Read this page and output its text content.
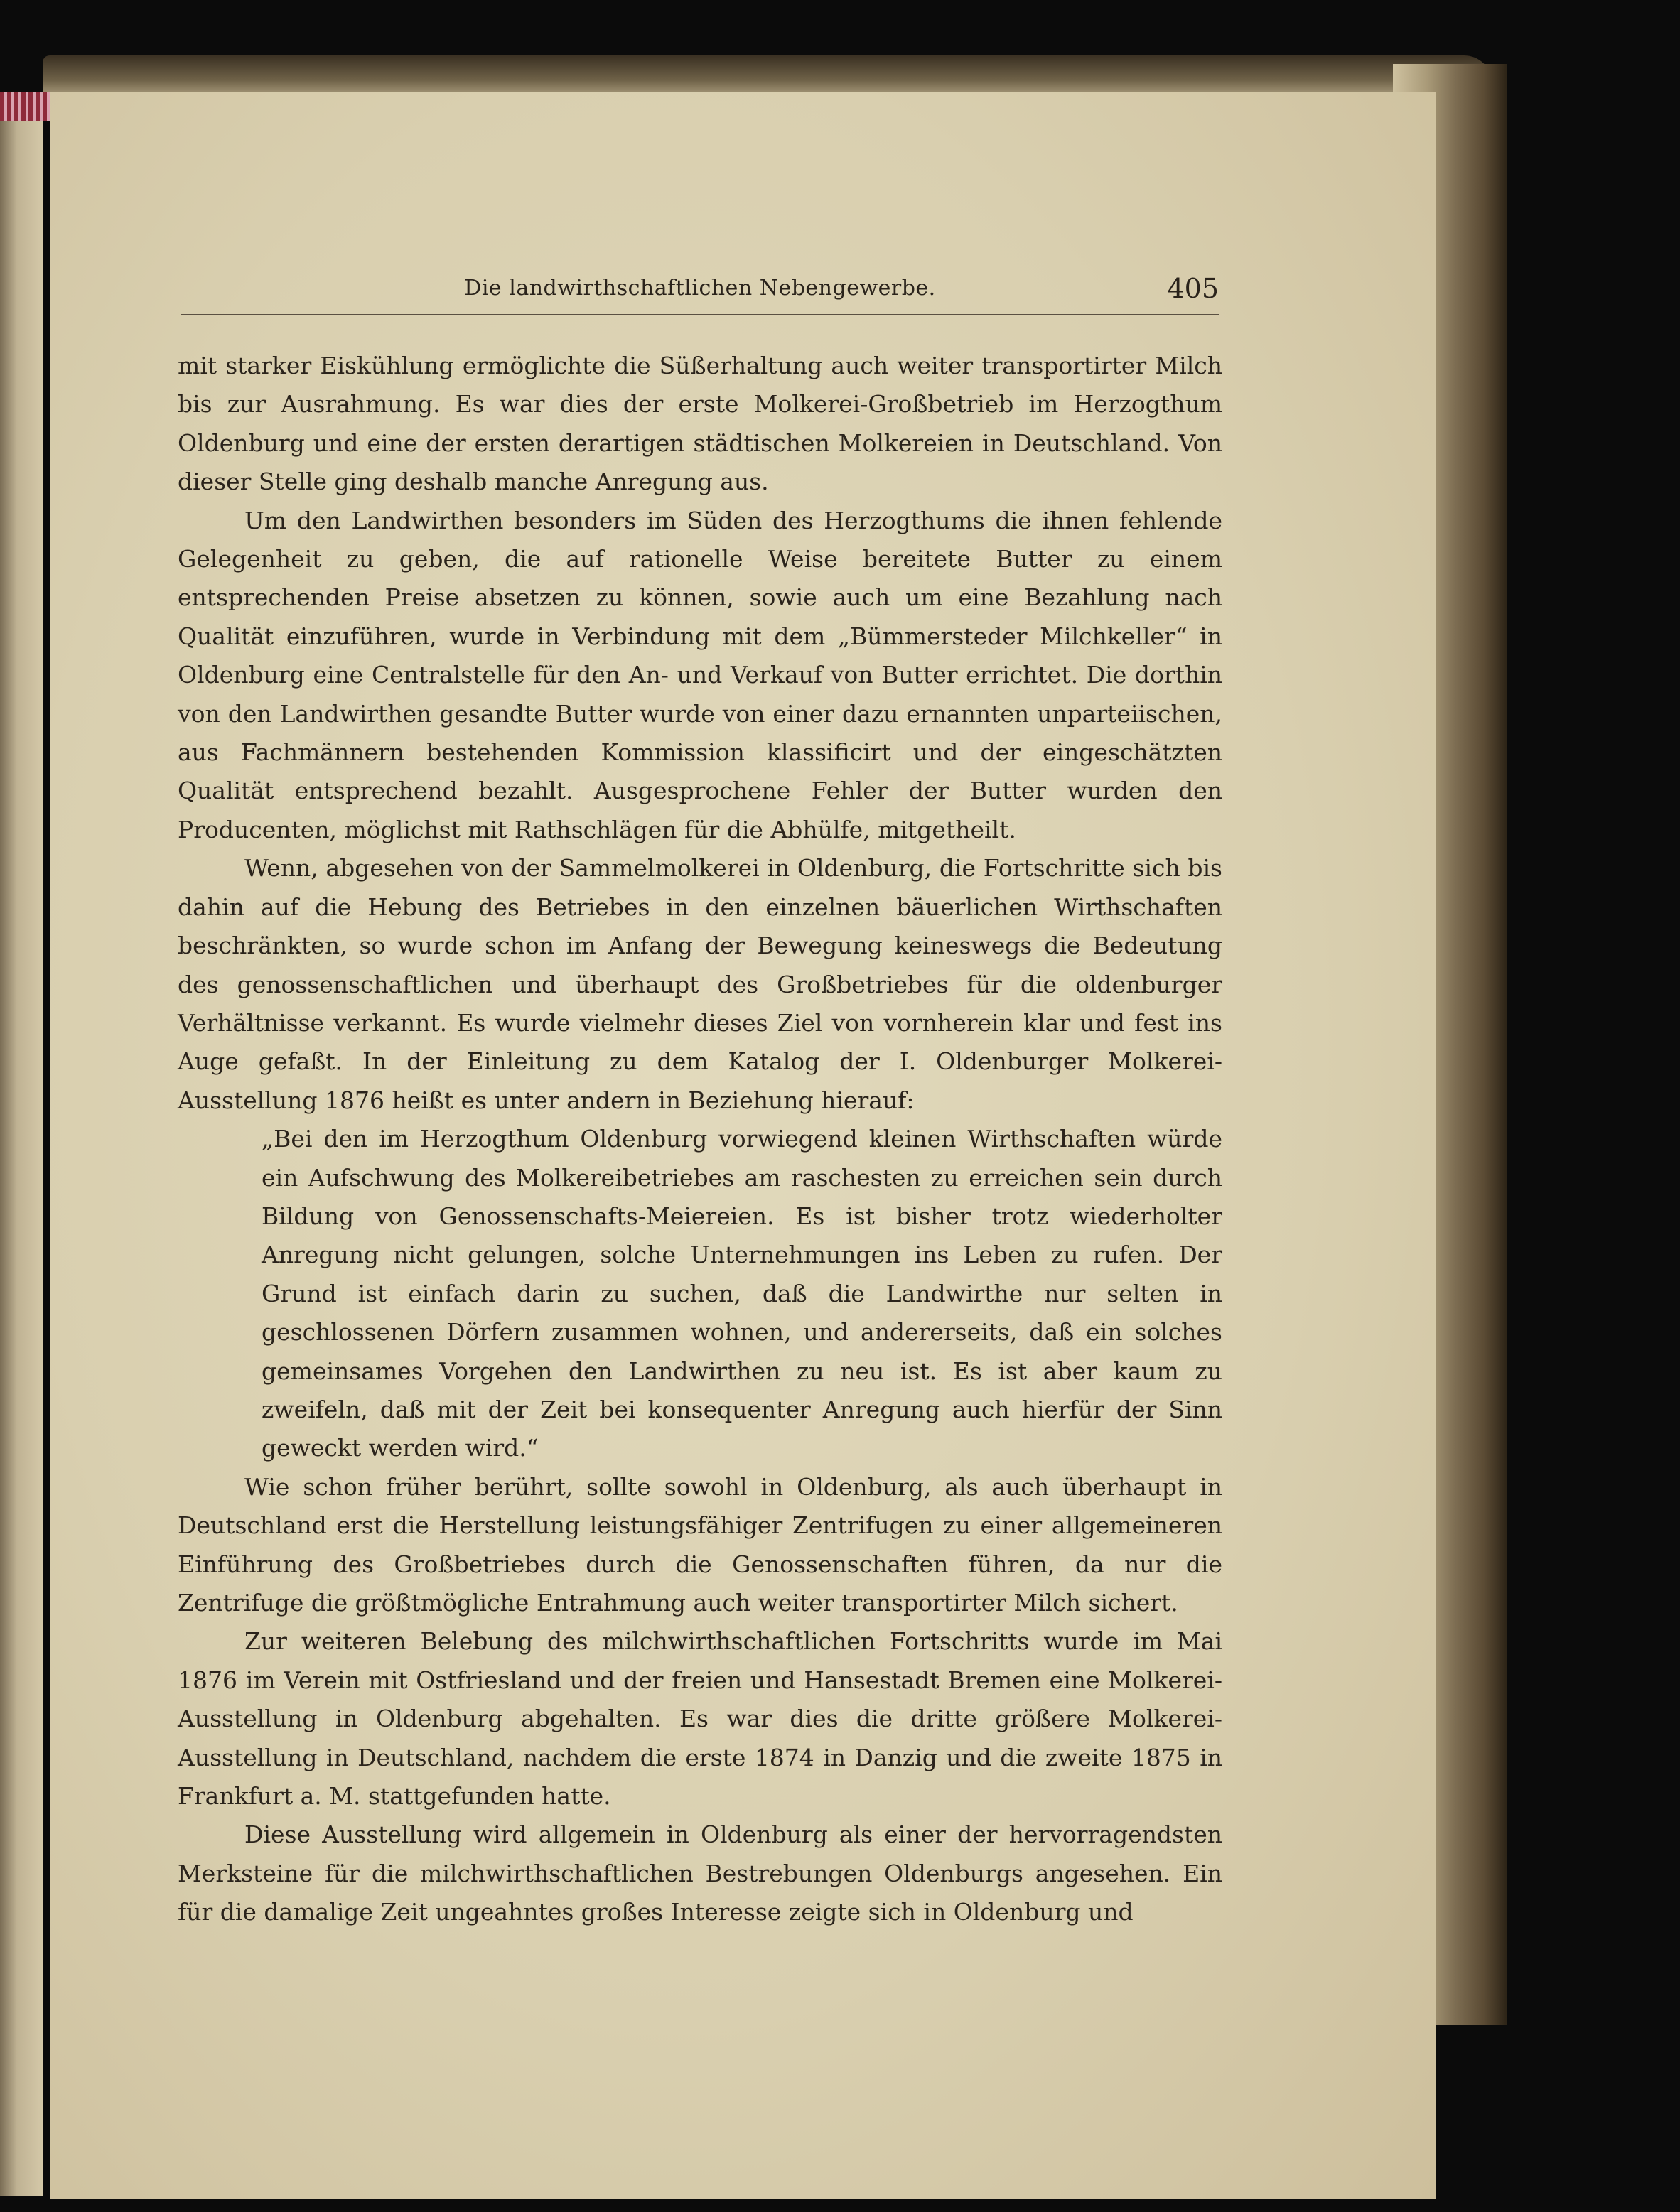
Die landwirthschaftlichen Nebengewerbe.	405

mit starker Eiskühlung ermöglichte die Süßerhaltung auch weiter transportirter Milch bis zur Ausrahmung. Es war dies der erste Molkerei-Großbetrieb im Herzogthum Oldenburg und eine der ersten derartigen städtischen Molkereien in Deutschland. Von dieser Stelle ging deshalb manche Anregung aus.

Um den Landwirthen besonders im Süden des Herzogthums die ihnen fehlende Gelegenheit zu geben, die auf rationelle Weise bereitete Butter zu einem entsprechenden Preise absetzen zu können, sowie auch um eine Bezahlung nach Qualität einzuführen, wurde in Verbindung mit dem „Bümmersteder Milchkeller“ in Oldenburg eine Centralstelle für den An- und Verkauf von Butter errichtet. Die dorthin von den Landwirthen gesandte Butter wurde von einer dazu ernannten unparteiischen, aus Fachmännern bestehenden Kommission klassificirt und der eingeschätzten Qualität entsprechend bezahlt. Ausgesprochene Fehler der Butter wurden den Producenten, möglichst mit Rathschlägen für die Abhülfe, mitgetheilt.

Wenn, abgesehen von der Sammelmolkerei in Oldenburg, die Fortschritte sich bis dahin auf die Hebung des Betriebes in den einzelnen bäuerlichen Wirthschaften beschränkten, so wurde schon im Anfang der Bewegung keineswegs die Bedeutung des genossenschaftlichen und überhaupt des Großbetriebes für die oldenburger Verhältnisse verkannt. Es wurde vielmehr dieses Ziel von vornherein klar und fest ins Auge gefaßt. In der Einleitung zu dem Katalog der I. Oldenburger Molkerei-Ausstellung 1876 heißt es unter andern in Beziehung hierauf:

„Bei den im Herzogthum Oldenburg vorwiegend kleinen Wirthschaften würde ein Aufschwung des Molkereibetriebes am raschesten zu erreichen sein durch Bildung von Genossenschafts-Meiereien. Es ist bisher trotz wiederholter Anregung nicht gelungen, solche Unternehmungen ins Leben zu rufen. Der Grund ist einfach darin zu suchen, daß die Landwirthe nur selten in geschlossenen Dörfern zusammen wohnen, und andererseits, daß ein solches gemeinsames Vorgehen den Landwirthen zu neu ist. Es ist aber kaum zu zweifeln, daß mit der Zeit bei konsequenter Anregung auch hierfür der Sinn geweckt werden wird.“

Wie schon früher berührt, sollte sowohl in Oldenburg, als auch überhaupt in Deutschland erst die Herstellung leistungsfähiger Zentrifugen zu einer allgemeineren Einführung des Großbetriebes durch die Genossenschaften führen, da nur die Zentrifuge die größtmögliche Entrahmung auch weiter transportirter Milch sichert.

Zur weiteren Belebung des milchwirthschaftlichen Fortschritts wurde im Mai 1876 im Verein mit Ostfriesland und der freien und Hansestadt Bremen eine Molkerei-Ausstellung in Oldenburg abgehalten. Es war dies die dritte größere Molkerei-Ausstellung in Deutschland, nachdem die erste 1874 in Danzig und die zweite 1875 in Frankfurt a. M. stattgefunden hatte.

Diese Ausstellung wird allgemein in Oldenburg als einer der hervorragendsten Merksteine für die milchwirthschaftlichen Bestrebungen Oldenburgs angesehen. Ein für die damalige Zeit ungeahntes großes Interesse zeigte sich in Oldenburg und
